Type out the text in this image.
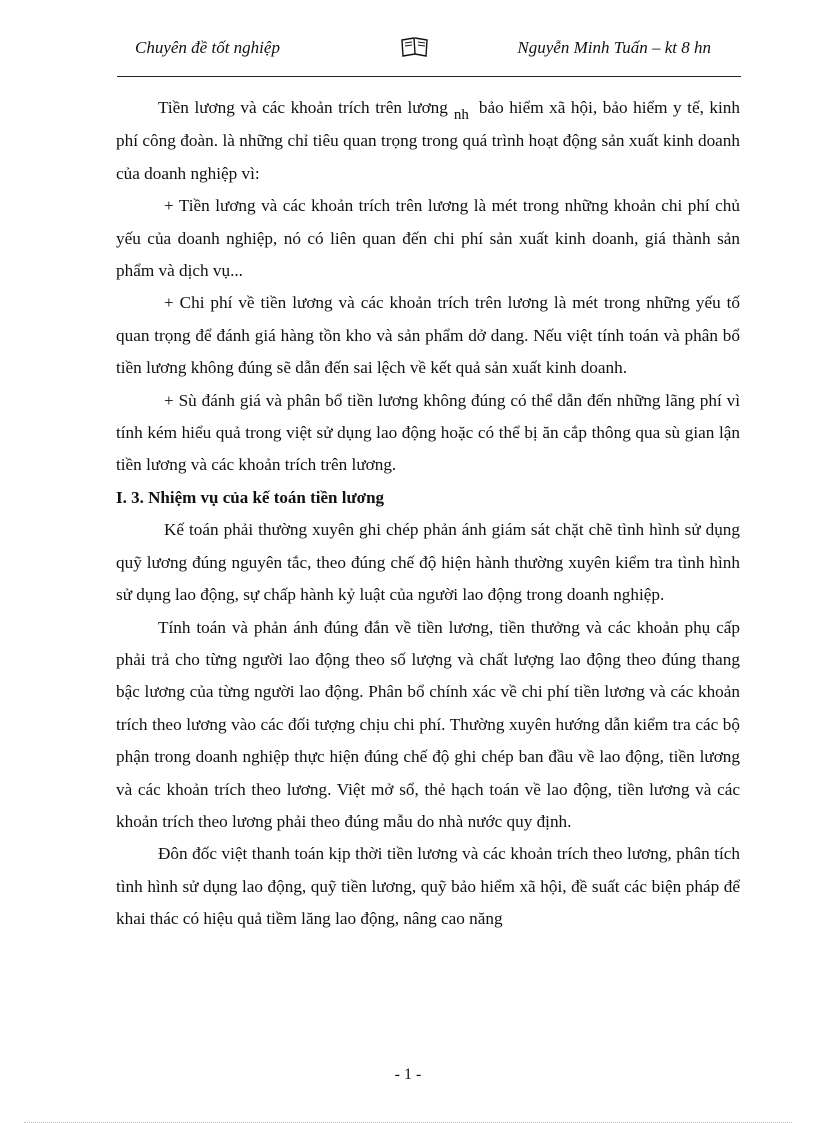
Chuyên đề tốt nghiệp	Nguyễn Minh Tuấn – kt 8 hn

Tiền lương và các khoản trích trên lương nh bảo hiểm xã hội, bảo hiểm y tế, kinh phí công đoàn. là những chỉ tiêu quan trọng trong quá trình hoạt động sản xuất kinh doanh của doanh nghiệp vì:

+ Tiền lương và các khoản trích trên lương là mét trong những khoản chi phí chủ yếu của doanh nghiệp, nó có liên quan đến chi phí sản xuất kinh doanh, giá thành sản phẩm và dịch vụ...

+ Chi phí về tiền lương và các khoản trích trên lương là mét trong những yếu tố quan trọng để đánh giá hàng tồn kho và sản phẩm dở dang. Nếu việt tính toán và phân bổ tiền lương không đúng sẽ dẫn đến sai lệch về kết quả sản xuất kinh doanh.

+ Sù đánh giá và phân bổ tiền lương không đúng có thể dẫn đến những lãng phí vì tính kém hiểu quả trong việt sử dụng lao động hoặc có thể bị ăn cắp thông qua sù gian lận tiền lương và các khoản trích trên lương.

I. 3. Nhiệm vụ của kế toán tiền lương

Kế toán phải thường xuyên ghi chép phản ánh giám sát chặt chẽ tình hình sử dụng quỹ lương đúng nguyên tắc, theo đúng chế độ hiện hành thường xuyên kiểm tra tình hình sử dụng lao động, sự chấp hành kỷ luật của người lao động trong doanh nghiệp.

Tính toán và phản ánh đúng đắn về tiền lương, tiền thưởng và các khoản phụ cấp phải trả cho từng người lao động theo số lượng và chất lượng lao động theo đúng thang bậc lương của từng người lao động. Phân bổ chính xác về chi phí tiền lương và các khoản trích theo lương vào các đối tượng chịu chi phí. Thường xuyên hướng dẫn kiểm tra các bộ phận trong doanh nghiệp thực hiện đúng chế độ ghi chép ban đầu về lao động, tiền lương và các khoản trích theo lương. Việt mở sổ, thẻ hạch toán về lao động, tiền lương và các khoản trích theo lương phải theo đúng mẫu do nhà nước quy định.

Đôn đốc việt thanh toán kịp thời tiền lương và các khoản trích theo lương, phân tích tình hình sử dụng lao động, quỹ tiền lương, quỹ bảo hiểm xã hội, đề suất các biện pháp để khai thác có hiệu quả tiềm lăng lao động, nâng cao năng

- 1 -
